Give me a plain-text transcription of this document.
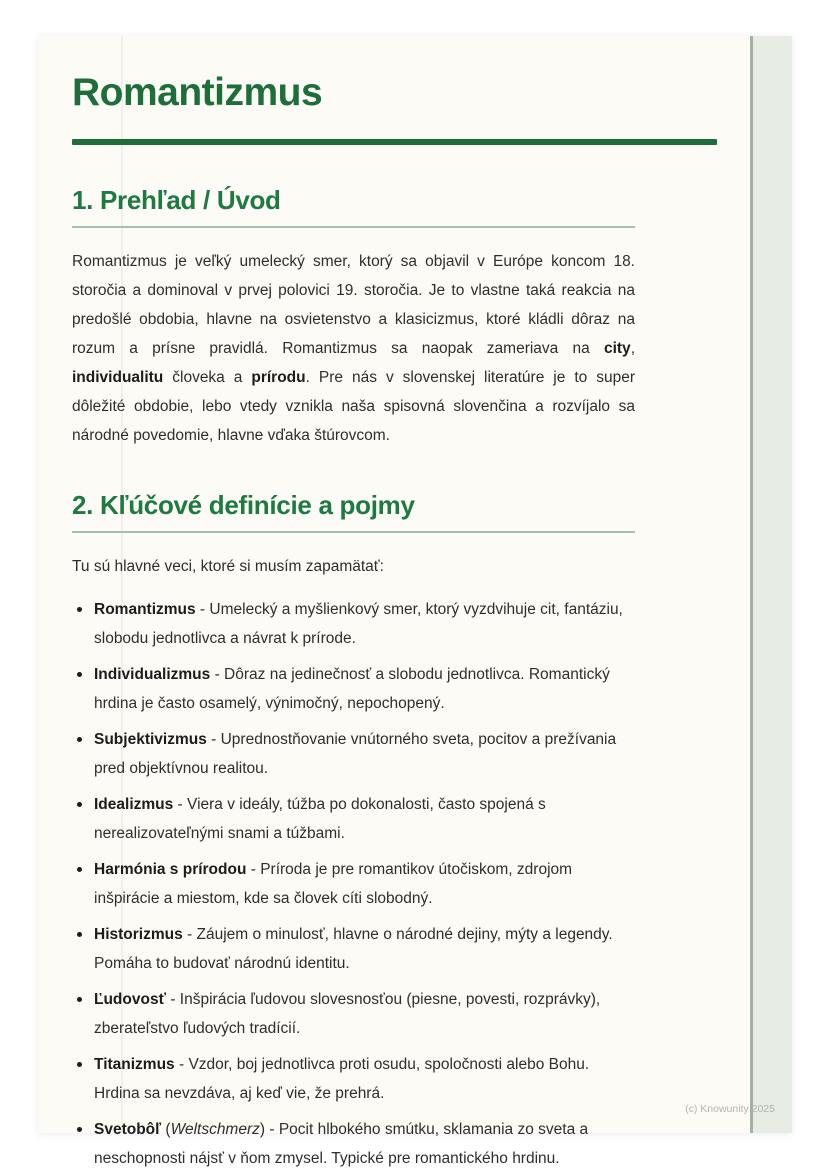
Romantizmus
1. Prehľad / Úvod

Romantizmus je veľký umelecký smer, ktorý sa objavil v Európe koncom 18. storočia a dominoval v prvej polovici 19. storočia. Je to vlastne taká reakcia na predošlé obdobia, hlavne na osvietenstvo a klasicizmus, ktoré kládli dôraz na rozum a prísne pravidlá. Romantizmus sa naopak zameriava na city, individualitu človeka a prírodu. Pre nás v slovenskej literatúre je to super dôležité obdobie, lebo vtedy vznikla naša spisovná slovenčina a rozvíjalo sa národné povedomie, hlavne vďaka štúrovcom.

2. Kľúčové definície a pojmy

Tu sú hlavné veci, ktoré si musím zapamätať:

Romantizmus - Umelecký a myšlienkový smer, ktorý vyzdvihuje cit, fantáziu, slobodu jednotlivca a návrat k prírode.
Individualizmus - Dôraz na jedinečnosť a slobodu jednotlivca. Romantický hrdina je často osamelý, výnimočný, nepochopený.
Subjektivizmus - Uprednostňovanie vnútorného sveta, pocitov a prežívania pred objektívnou realitou.
Idealizmus - Viera v ideály, túžba po dokonalosti, často spojená s nerealizovateľnými snami a túžbami.
Harmónia s prírodou - Príroda je pre romantikov útočiskom, zdrojom inšpirácie a miestom, kde sa človek cíti slobodný.
Historizmus - Záujem o minulosť, hlavne o národné dejiny, mýty a legendy. Pomáha to budovať národnú identitu.
Ľudovosť - Inšpirácia ľudovou slovesnosťou (piesne, povesti, rozprávky), zberateľstvo ľudových tradícií.
Titanizmus - Vzdor, boj jednotlivca proti osudu, spoločnosti alebo Bohu. Hrdina sa nevzdáva, aj keď vie, že prehrá.
Svetobôľ (Weltschmerz) - Pocit hlbokého smútku, sklamania zo sveta a neschopnosti nájsť v ňom zmysel. Typické pre romantického hrdinu.
(c) Knowunity 2025
